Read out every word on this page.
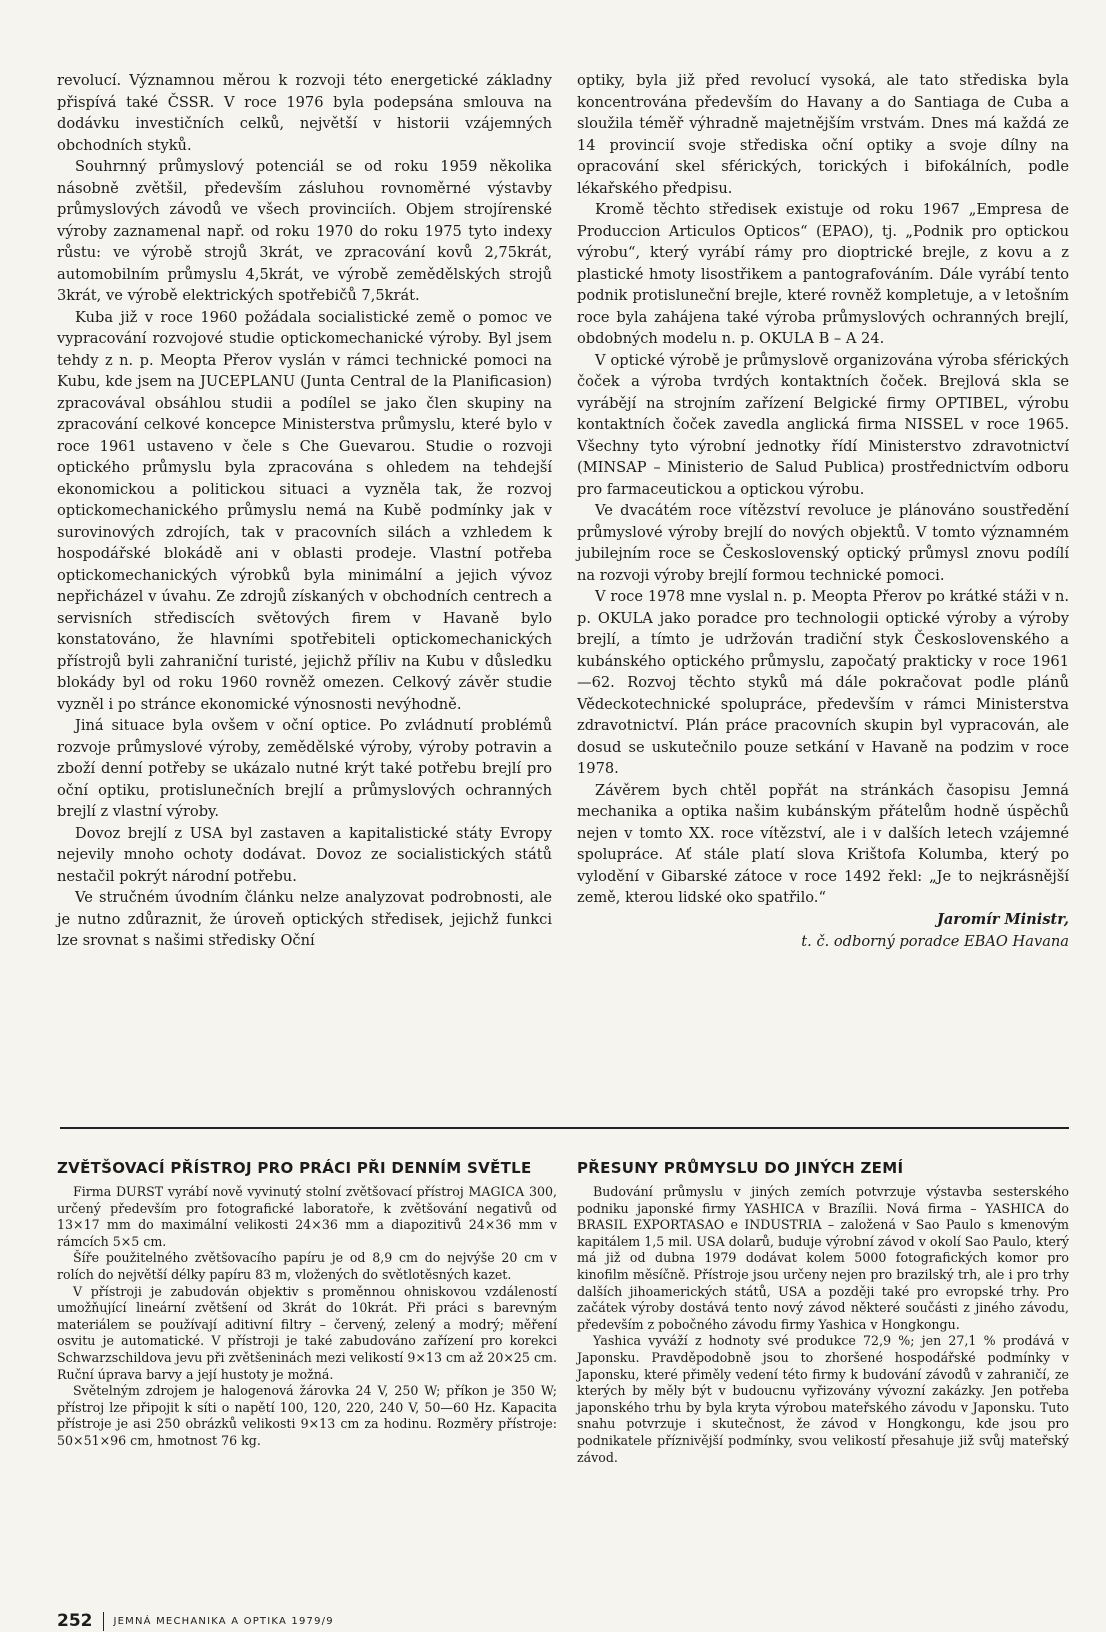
revolucí. Významnou měrou k rozvoji této energetické základny přispívá také ČSSR. V roce 1976 byla podepsána smlouva na dodávku investičních celků, největší v historii vzájemných obchodních styků.

Souhrnný průmyslový potenciál se od roku 1959 několika násobně zvětšil, především zásluhou rovnoměrné výstavby průmyslových závodů ve všech provinciích. Objem strojírenské výroby zaznamenal např. od roku 1970 do roku 1975 tyto indexy růstu: ve výrobě strojů 3krát, ve zpracování kovů 2,75krát, automobilním průmyslu 4,5krát, ve výrobě zemědělských strojů 3krát, ve výrobě elektrických spotřebičů 7,5krát.

Kuba již v roce 1960 požádala socialistické země o pomoc ve vypracování rozvojové studie optickomechanické výroby. Byl jsem tehdy z n. p. Meopta Přerov vyslán v rámci technické pomoci na Kubu, kde jsem na JUCEPLANU (Junta Central de la Planificasion) zpracovával obsáhlou studii a podílel se jako člen skupiny na zpracování celkové koncepce Ministerstva průmyslu, které bylo v roce 1961 ustaveno v čele s Che Guevarou. Studie o rozvoji optického průmyslu byla zpracována s ohledem na tehdejší ekonomickou a politickou situaci a vyzněla tak, že rozvoj optickomechanického průmyslu nemá na Kubě podmínky jak v surovinových zdrojích, tak v pracovních silách a vzhledem k hospodářské blokádě ani v oblasti prodeje. Vlastní potřeba optickomechanických výrobků byla minimální a jejich vývoz nepřicházel v úvahu. Ze zdrojů získaných v obchodních centrech a servisních střediscích světových firem v Havaně bylo konstatováno, že hlavními spotřebiteli optickomechanických přístrojů byli zahraniční turisté, jejichž příliv na Kubu v důsledku blokády byl od roku 1960 rovněž omezen. Celkový závěr studie vyzněl i po stránce ekonomické výnosnosti nevýhodně.

Jiná situace byla ovšem v oční optice. Po zvládnutí problémů rozvoje průmyslové výroby, zemědělské výroby, výroby potravin a zboží denní potřeby se ukázalo nutné krýt také potřebu brejlí pro oční optiku, protislunečních brejlí a průmyslových ochranných brejlí z vlastní výroby.

Dovoz brejlí z USA byl zastaven a kapitalistické státy Evropy nejevily mnoho ochoty dodávat. Dovoz ze socialistických států nestačil pokrýt národní potřebu.

Ve stručném úvodním článku nelze analyzovat podrobnosti, ale je nutno zdůraznit, že úroveň optických středisek, jejichž funkci lze srovnat s našimi středisky Oční

optiky, byla již před revolucí vysoká, ale tato střediska byla koncentrována především do Havany a do Santiaga de Cuba a sloužila téměř výhradně majetnějším vrstvám. Dnes má každá ze 14 provincií svoje střediska oční optiky a svoje dílny na opracování skel sférických, torických i bifokálních, podle lékařského předpisu.

Kromě těchto středisek existuje od roku 1967 „Empresa de Produccion Articulos Opticos“ (EPAO), tj. „Podnik pro optickou výrobu“, který vyrábí rámy pro dioptrické brejle, z kovu a z plastické hmoty lisostřikem a pantografováním. Dále vyrábí tento podnik protisluneční brejle, které rovněž kompletuje, a v letošním roce byla zahájena také výroba průmyslových ochranných brejlí, obdobných modelu n. p. OKULA B – A 24.

V optické výrobě je průmyslově organizována výroba sférických čoček a výroba tvrdých kontaktních čoček. Brejlová skla se vyrábějí na strojním zařízení Belgické firmy OPTIBEL, výrobu kontaktních čoček zavedla anglická firma NISSEL v roce 1965. Všechny tyto výrobní jednotky řídí Ministerstvo zdravotnictví (MINSAP – Ministerio de Salud Publica) prostřednictvím odboru pro farmaceutickou a optickou výrobu.

Ve dvacátém roce vítězství revoluce je plánováno soustředění průmyslové výroby brejlí do nových objektů. V tomto významném jubilejním roce se Československý optický průmysl znovu podílí na rozvoji výroby brejlí formou technické pomoci.

V roce 1978 mne vyslal n. p. Meopta Přerov po krátké stáži v n. p. OKULA jako poradce pro technologii optické výroby a výroby brejlí, a tímto je udržován tradiční styk Československého a kubánského optického průmyslu, započatý prakticky v roce 1961—62. Rozvoj těchto styků má dále pokračovat podle plánů Vědeckotechnické spolupráce, především v rámci Ministerstva zdravotnictví. Plán práce pracovních skupin byl vypracován, ale dosud se uskutečnilo pouze setkání v Havaně na podzim v roce 1978.

Závěrem bych chtěl popřát na stránkách časopisu Jemná mechanika a optika našim kubánským přátelům hodně úspěchů nejen v tomto XX. roce vítězství, ale i v dalších letech vzájemné spolupráce. Ať stále platí slova Krištofa Kolumba, který po vylodění v Gibarské zátoce v roce 1492 řekl: „Je to nejkrásnější země, kterou lidské oko spatřilo.“

Jaromír Ministr,
t. č. odborný poradce EBAO Havana

ZVĚTŠOVACÍ PŘÍSTROJ PRO PRÁCI PŘI DENNÍM SVĚTLE

Firma DURST vyrábí nově vyvinutý stolní zvětšovací přístroj MAGICA 300, určený především pro fotografické laboratoře, k zvětšování negativů od 13×17 mm do maximální velikosti 24×36 mm a diapozitivů 24×36 mm v rámcích 5×5 cm.

Šíře použitelného zvětšovacího papíru je od 8,9 cm do nejvýše 20 cm v rolích do největší délky papíru 83 m, vložených do světlotěsných kazet.

V přístroji je zabudován objektiv s proměnnou ohniskovou vzdáleností umožňující lineární zvětšení od 3krát do 10krát. Při práci s barevným materiálem se používají aditivní filtry – červený, zelený a modrý; měření osvitu je automatické. V přístroji je také zabudováno zařízení pro korekci Schwarzschildova jevu při zvětšeninách mezi velikostí 9×13 cm až 20×25 cm. Ruční úprava barvy a její hustoty je možná.

Světelným zdrojem je halogenová žárovka 24 V, 250 W; příkon je 350 W; přístroj lze připojit k síti o napětí 100, 120, 220, 240 V, 50—60 Hz. Kapacita přístroje je asi 250 obrázků velikosti 9×13 cm za hodinu. Rozměry přístroje: 50×51×96 cm, hmotnost 76 kg.

PŘESUNY PRŮMYSLU DO JINÝCH ZEMÍ

Budování průmyslu v jiných zemích potvrzuje výstavba sesterského podniku japonské firmy YASHICA v Brazílii. Nová firma – YASHICA do BRASIL EXPORTASAO e INDUSTRIA – založená v Sao Paulo s kmenovým kapitálem 1,5 mil. USA dolarů, buduje výrobní závod v okolí Sao Paulo, který má již od dubna 1979 dodávat kolem 5000 fotografických komor pro kinofilm měsíčně. Přístroje jsou určeny nejen pro brazilský trh, ale i pro trhy dalších jihoamerických států, USA a později také pro evropské trhy. Pro začátek výroby dostává tento nový závod některé součásti z jiného závodu, především z pobočného závodu firmy Yashica v Hongkongu.

Yashica vyváží z hodnoty své produkce 72,9 %; jen 27,1 % prodává v Japonsku. Pravděpodobně jsou to zhoršené hospodářské podmínky v Japonsku, které přiměly vedení této firmy k budování závodů v zahraničí, ze kterých by měly být v budoucnu vyřizovány vývozní zakázky. Jen potřeba japonského trhu by byla kryta výrobou mateřského závodu v Japonsku. Tuto snahu potvrzuje i skutečnost, že závod v Hongkongu, kde jsou pro podnikatele příznivější podmínky, svou velikostí přesahuje již svůj mateřský závod.

252 JEMNÁ MECHANIKA A OPTIKA 1979/9
